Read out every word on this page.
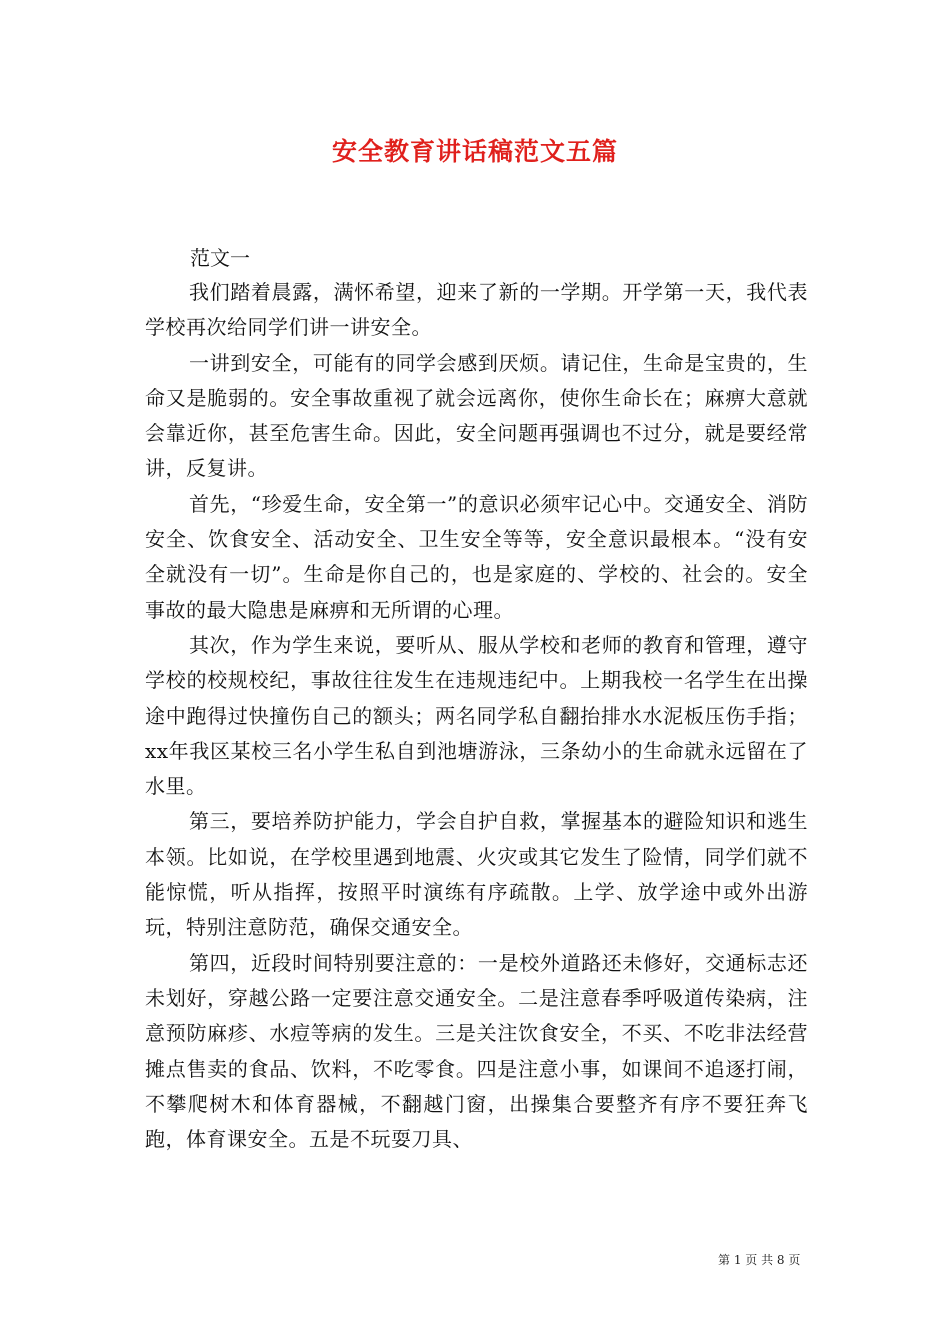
安全教育讲话稿范文五篇
范文一

我们踏着晨露，满怀希望，迎来了新的一学期。开学第一天，我代表学校再次给同学们讲一讲安全。

一讲到安全，可能有的同学会感到厌烦。请记住，生命是宝贵的，生命又是脆弱的。安全事故重视了就会远离你，使你生命长在；麻痹大意就会靠近你，甚至危害生命。因此，安全问题再强调也不过分，就是要经常讲，反复讲。

首先，“珍爱生命，安全第一”的意识必须牢记心中。交通安全、消防安全、饮食安全、活动安全、卫生安全等等，安全意识最根本。“没有安全就没有一切”。生命是你自己的，也是家庭的、学校的、社会的。安全事故的最大隐患是麻痹和无所谓的心理。

其次，作为学生来说，要听从、服从学校和老师的教育和管理，遵守学校的校规校纪，事故往往发生在违规违纪中。上期我校一名学生在出操途中跑得过快撞伤自己的额头；两名同学私自翻抬排水水泥板压伤手指；xx年我区某校三名小学生私自到池塘游泳，三条幼小的生命就永远留在了水里。

第三，要培养防护能力，学会自护自救，掌握基本的避险知识和逃生本领。比如说，在学校里遇到地震、火灾或其它发生了险情，同学们就不能惊慌，听从指挥，按照平时演练有序疏散。上学、放学途中或外出游玩，特别注意防范，确保交通安全。

第四，近段时间特别要注意的：一是校外道路还未修好，交通标志还未划好，穿越公路一定要注意交通安全。二是注意春季呼吸道传染病，注意预防麻疹、水痘等病的发生。三是关注饮食安全，不买、不吃非法经营摊点售卖的食品、饮料，不吃零食。四是注意小事，如课间不追逐打闹，不攀爬树木和体育器械，不翻越门窗，出操集合要整齐有序不要狂奔飞跑，体育课安全。五是不玩耍刀具、

第 1 页 共 8 页
